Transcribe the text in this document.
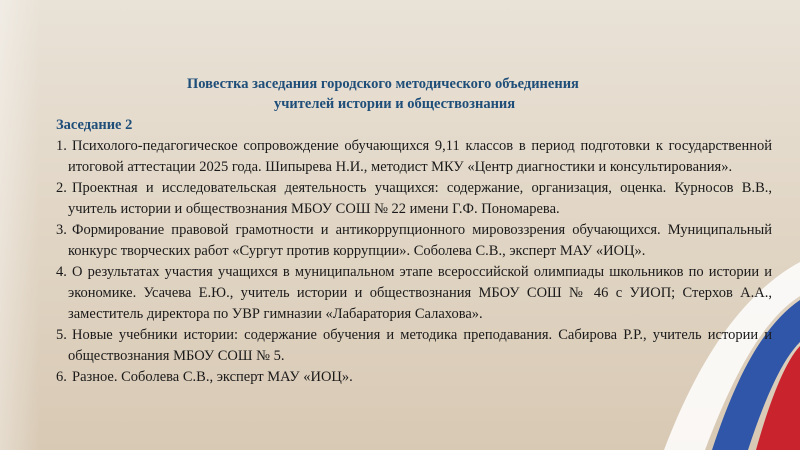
Повестка заседания городского методического объединения
учителей истории и обществознания
Заседание 2
1. Психолого-педагогическое сопровождение обучающихся 9,11 классов в период подготовки к государственной итоговой аттестации 2025 года. Шипырева Н.И., методист МКУ «Центр диагностики и консультирования».
2. Проектная и исследовательская деятельность учащихся: содержание, организация, оценка. Курносов В.В., учитель истории и обществознания МБОУ СОШ № 22 имени Г.Ф. Пономарева.
3. Формирование правовой грамотности и антикоррупционного мировоззрения обучающихся. Муниципальный конкурс творческих работ «Сургут против коррупции». Соболева С.В., эксперт МАУ «ИОЦ».
4. О результатах участия учащихся в муниципальном этапе всероссийской олимпиады школьников по истории и экономике. Усачева Е.Ю., учитель истории и обществознания МБОУ СОШ № 46 с УИОП; Стерхов А.А., заместитель директора по УВР гимназии «Лабаратория Салахова».
5. Новые учебники истории: содержание обучения и методика преподавания. Сабирова Р.Р., учитель истории и обществознания МБОУ СОШ № 5.
6. Разное. Соболева С.В., эксперт МАУ «ИОЦ».
